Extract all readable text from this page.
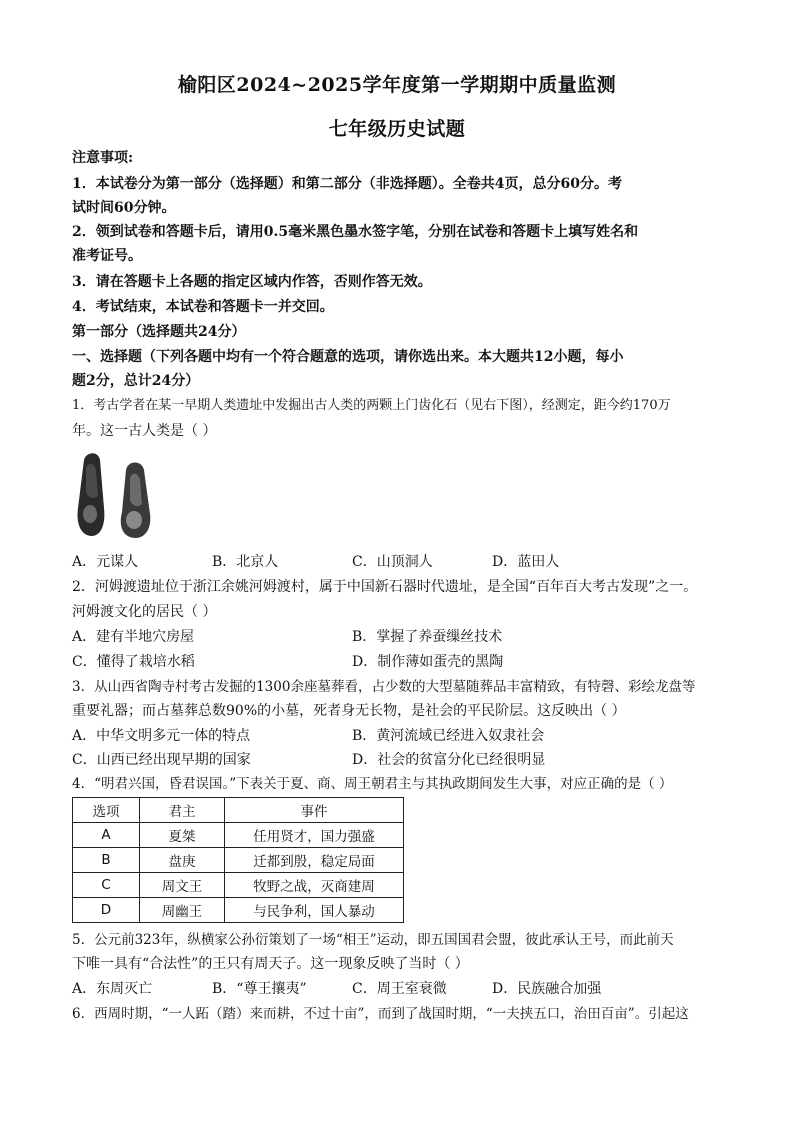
榆阳区2024~2025学年度第一学期期中质量监测
七年级历史试题
注意事项:
1．本试卷分为第一部分（选择题）和第二部分（非选择题）。全卷共4页，总分60分。考
试时间60分钟。
2．领到试卷和答题卡后，请用0.5毫米黑色墨水签字笔，分别在试卷和答题卡上填写姓名和
准考证号。
3．请在答题卡上各题的指定区域内作答，否则作答无效。
4．考试结束，本试卷和答题卡一并交回。
第一部分（选择题共24分）
一、选择题（下列各题中均有一个符合题意的选项，请你选出来。本大题共12小题，每小
题2分，总计24分）
1．考古学者在某一早期人类遗址中发掘出古人类的两颗上门齿化石（见右下图），经测定，距今约170万
年。这一古人类是（ ）
A．元谋人	B．北京人	C．山顶洞人	D．蓝田人
2．河姆渡遗址位于浙江余姚河姆渡村，属于中国新石器时代遗址，是全国“百年百大考古发现”之一。
河姆渡文化的居民（ ）
A．建有半地穴房屋	B．掌握了养蚕缫丝技术
C．懂得了栽培水稻	D．制作薄如蛋壳的黑陶
3．从山西省陶寺村考古发掘的1300余座墓葬看，占少数的大型墓随葬品丰富精致，有特磬、彩绘龙盘等
重要礼器；而占墓葬总数90%的小墓，死者身无长物，是社会的平民阶层。这反映出（ ）
A．中华文明多元一体的特点	B．黄河流域已经进入奴隶社会
C．山西已经出现早期的国家	D．社会的贫富分化已经很明显
4．“明君兴国，昏君误国。”下表关于夏、商、周王朝君主与其执政期间发生大事，对应正确的是（ ）
选项	君主	事件
A	夏桀	任用贤才，国力强盛
B	盘庚	迁都到殷，稳定局面
C	周文王	牧野之战，灭商建周
D	周幽王	与民争利，国人暴动
5．公元前323年，纵横家公孙衍策划了一场“相王”运动，即五国国君会盟，彼此承认王号，而此前天
下唯一具有“合法性”的王只有周天子。这一现象反映了当时（ ）
A．东周灭亡	B．“尊王攘夷”	C．周王室衰微	D．民族融合加强
6．西周时期，“一人跖（踏）来而耕，不过十亩”，而到了战国时期，“一夫挟五口，治田百亩”。引起这
